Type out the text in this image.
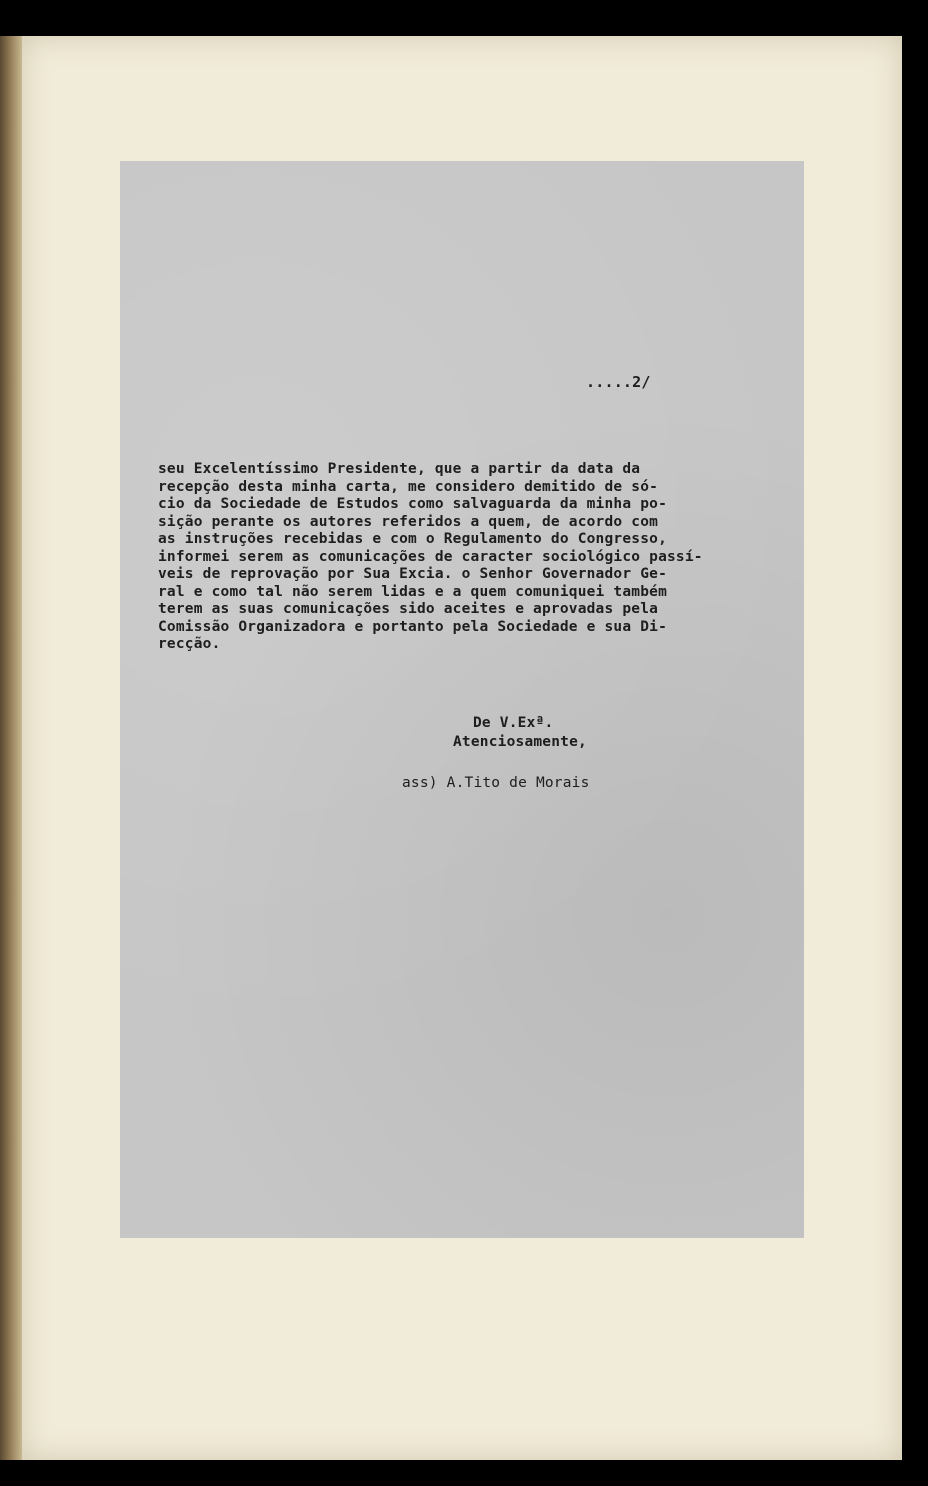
.....2/

seu Excelentíssimo Presidente, que a partir da data da
recepção desta minha carta, me considero demitido de só-
cio da Sociedade de Estudos como salvaguarda da minha po-
sição perante os autores referidos a quem, de acordo com
as instruções recebidas e com o Regulamento do Congresso,
informei serem as comunicações de caracter sociológico passí-
veis de reprovação por Sua Excia. o Senhor Governador Ge-
ral e como tal não serem lidas e a quem comuniquei também
terem as suas comunicações sido aceites e aprovadas pela
Comissão Organizadora e portanto pela Sociedade e sua Di-
recção.

De V.Exª.
Atenciosamente,
ass) A.Tito de Morais
